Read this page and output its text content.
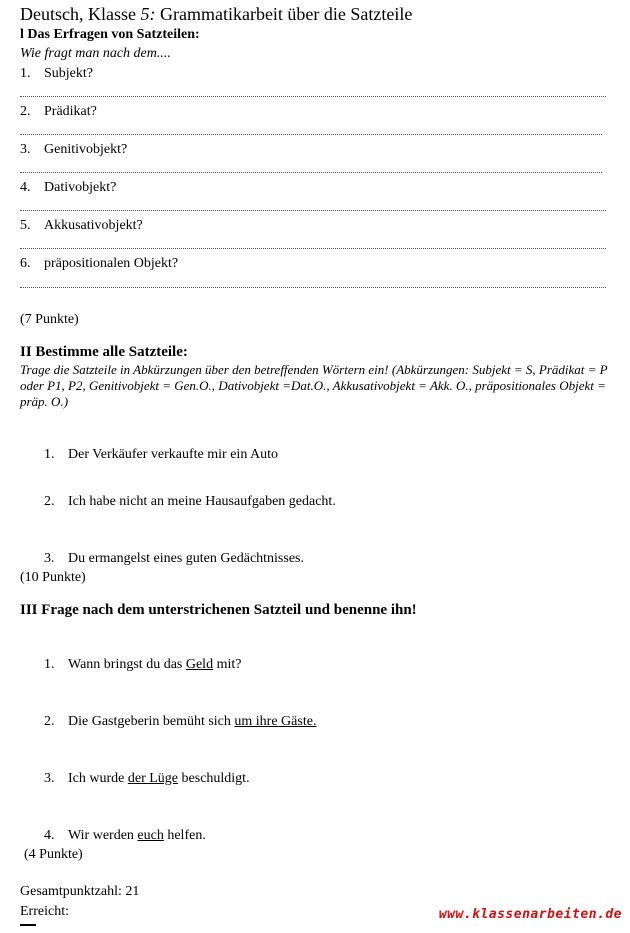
Deutsch, Klasse 5: Grammatikarbeit über die Satzteile
l Das Erfragen von Satzteilen:
Wie fragt man nach dem....
1. Subjekt?
2. Prädikat?
3. Genitivobjekt?
4. Dativobjekt?
5. Akkusativobjekt?
6. präpositionalen Objekt?
(7 Punkte)
II Bestimme alle Satzteile:
Trage die Satzteile in Abkürzungen über den betreffenden Wörtern ein! (Abkürzungen: Subjekt = S, Prädikat = P oder P1, P2, Genitivobjekt = Gen.O., Dativobjekt =Dat.O., Akkusativobjekt = Akk. O., präpositionales Objekt = präp. O.)
1. Der Verkäufer verkaufte mir ein Auto
2. Ich habe nicht an meine Hausaufgaben gedacht.
3. Du ermangelst eines guten Gedächtnisses.
(10 Punkte)
III Frage nach dem unterstrichenen Satzteil und benenne ihn!
1. Wann bringst du das Geld mit?
2. Die Gastgeberin bemüht sich um ihre Gäste.
3. Ich wurde der Lüge beschuldigt.
4. Wir werden euch helfen.
(4 Punkte)
Gesamtpunktzahl: 21
Erreicht:	www.klassenarbeiten.de
